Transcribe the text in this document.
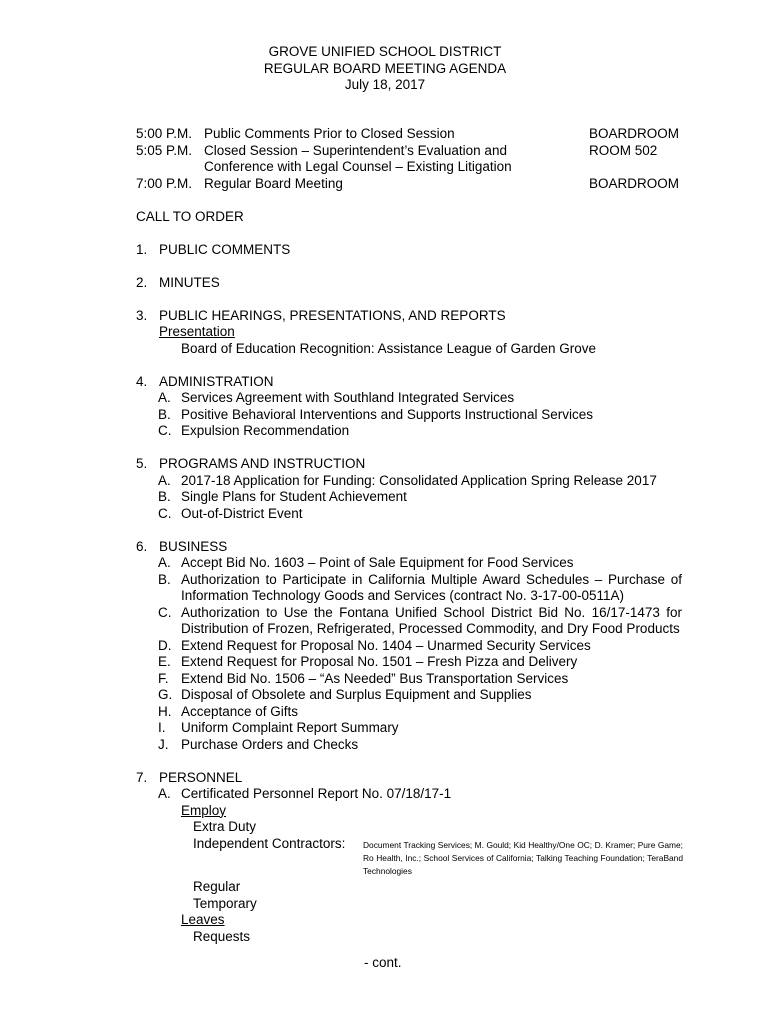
GROVE UNIFIED SCHOOL DISTRICT
REGULAR BOARD MEETING AGENDA
July 18, 2017
5:00 P.M. Public Comments Prior to Closed Session	BOARDROOM
5:05 P.M. Closed Session – Superintendent’s Evaluation and	ROOM 502
Conference with Legal Counsel – Existing Litigation
7:00 P.M. Regular Board Meeting	BOARDROOM
CALL TO ORDER
1. PUBLIC COMMENTS
2. MINUTES
3. PUBLIC HEARINGS, PRESENTATIONS, AND REPORTS
Presentation
Board of Education Recognition: Assistance League of Garden Grove
4. ADMINISTRATION
A. Services Agreement with Southland Integrated Services
B. Positive Behavioral Interventions and Supports Instructional Services
C. Expulsion Recommendation
5. PROGRAMS AND INSTRUCTION
A. 2017-18 Application for Funding: Consolidated Application Spring Release 2017
B. Single Plans for Student Achievement
C. Out-of-District Event
6. BUSINESS
A. Accept Bid No. 1603 – Point of Sale Equipment for Food Services
B. Authorization to Participate in California Multiple Award Schedules – Purchase of Information Technology Goods and Services (contract No. 3-17-00-0511A)
C. Authorization to Use the Fontana Unified School District Bid No. 16/17-1473 for Distribution of Frozen, Refrigerated, Processed Commodity, and Dry Food Products
D. Extend Request for Proposal No. 1404 – Unarmed Security Services
E. Extend Request for Proposal No. 1501 – Fresh Pizza and Delivery
F. Extend Bid No. 1506 – “As Needed” Bus Transportation Services
G. Disposal of Obsolete and Surplus Equipment and Supplies
H. Acceptance of Gifts
I. Uniform Complaint Report Summary
J. Purchase Orders and Checks
7. PERSONNEL
A. Certificated Personnel Report No. 07/18/17-1
Employ
Extra Duty
Independent Contractors: Document Tracking Services; M. Gould; Kid Healthy/One OC; D. Kramer; Pure Game; Ro Health, Inc.; School Services of California; Talking Teaching Foundation; TeraBand Technologies
Regular
Temporary
Leaves
Requests
- cont.
